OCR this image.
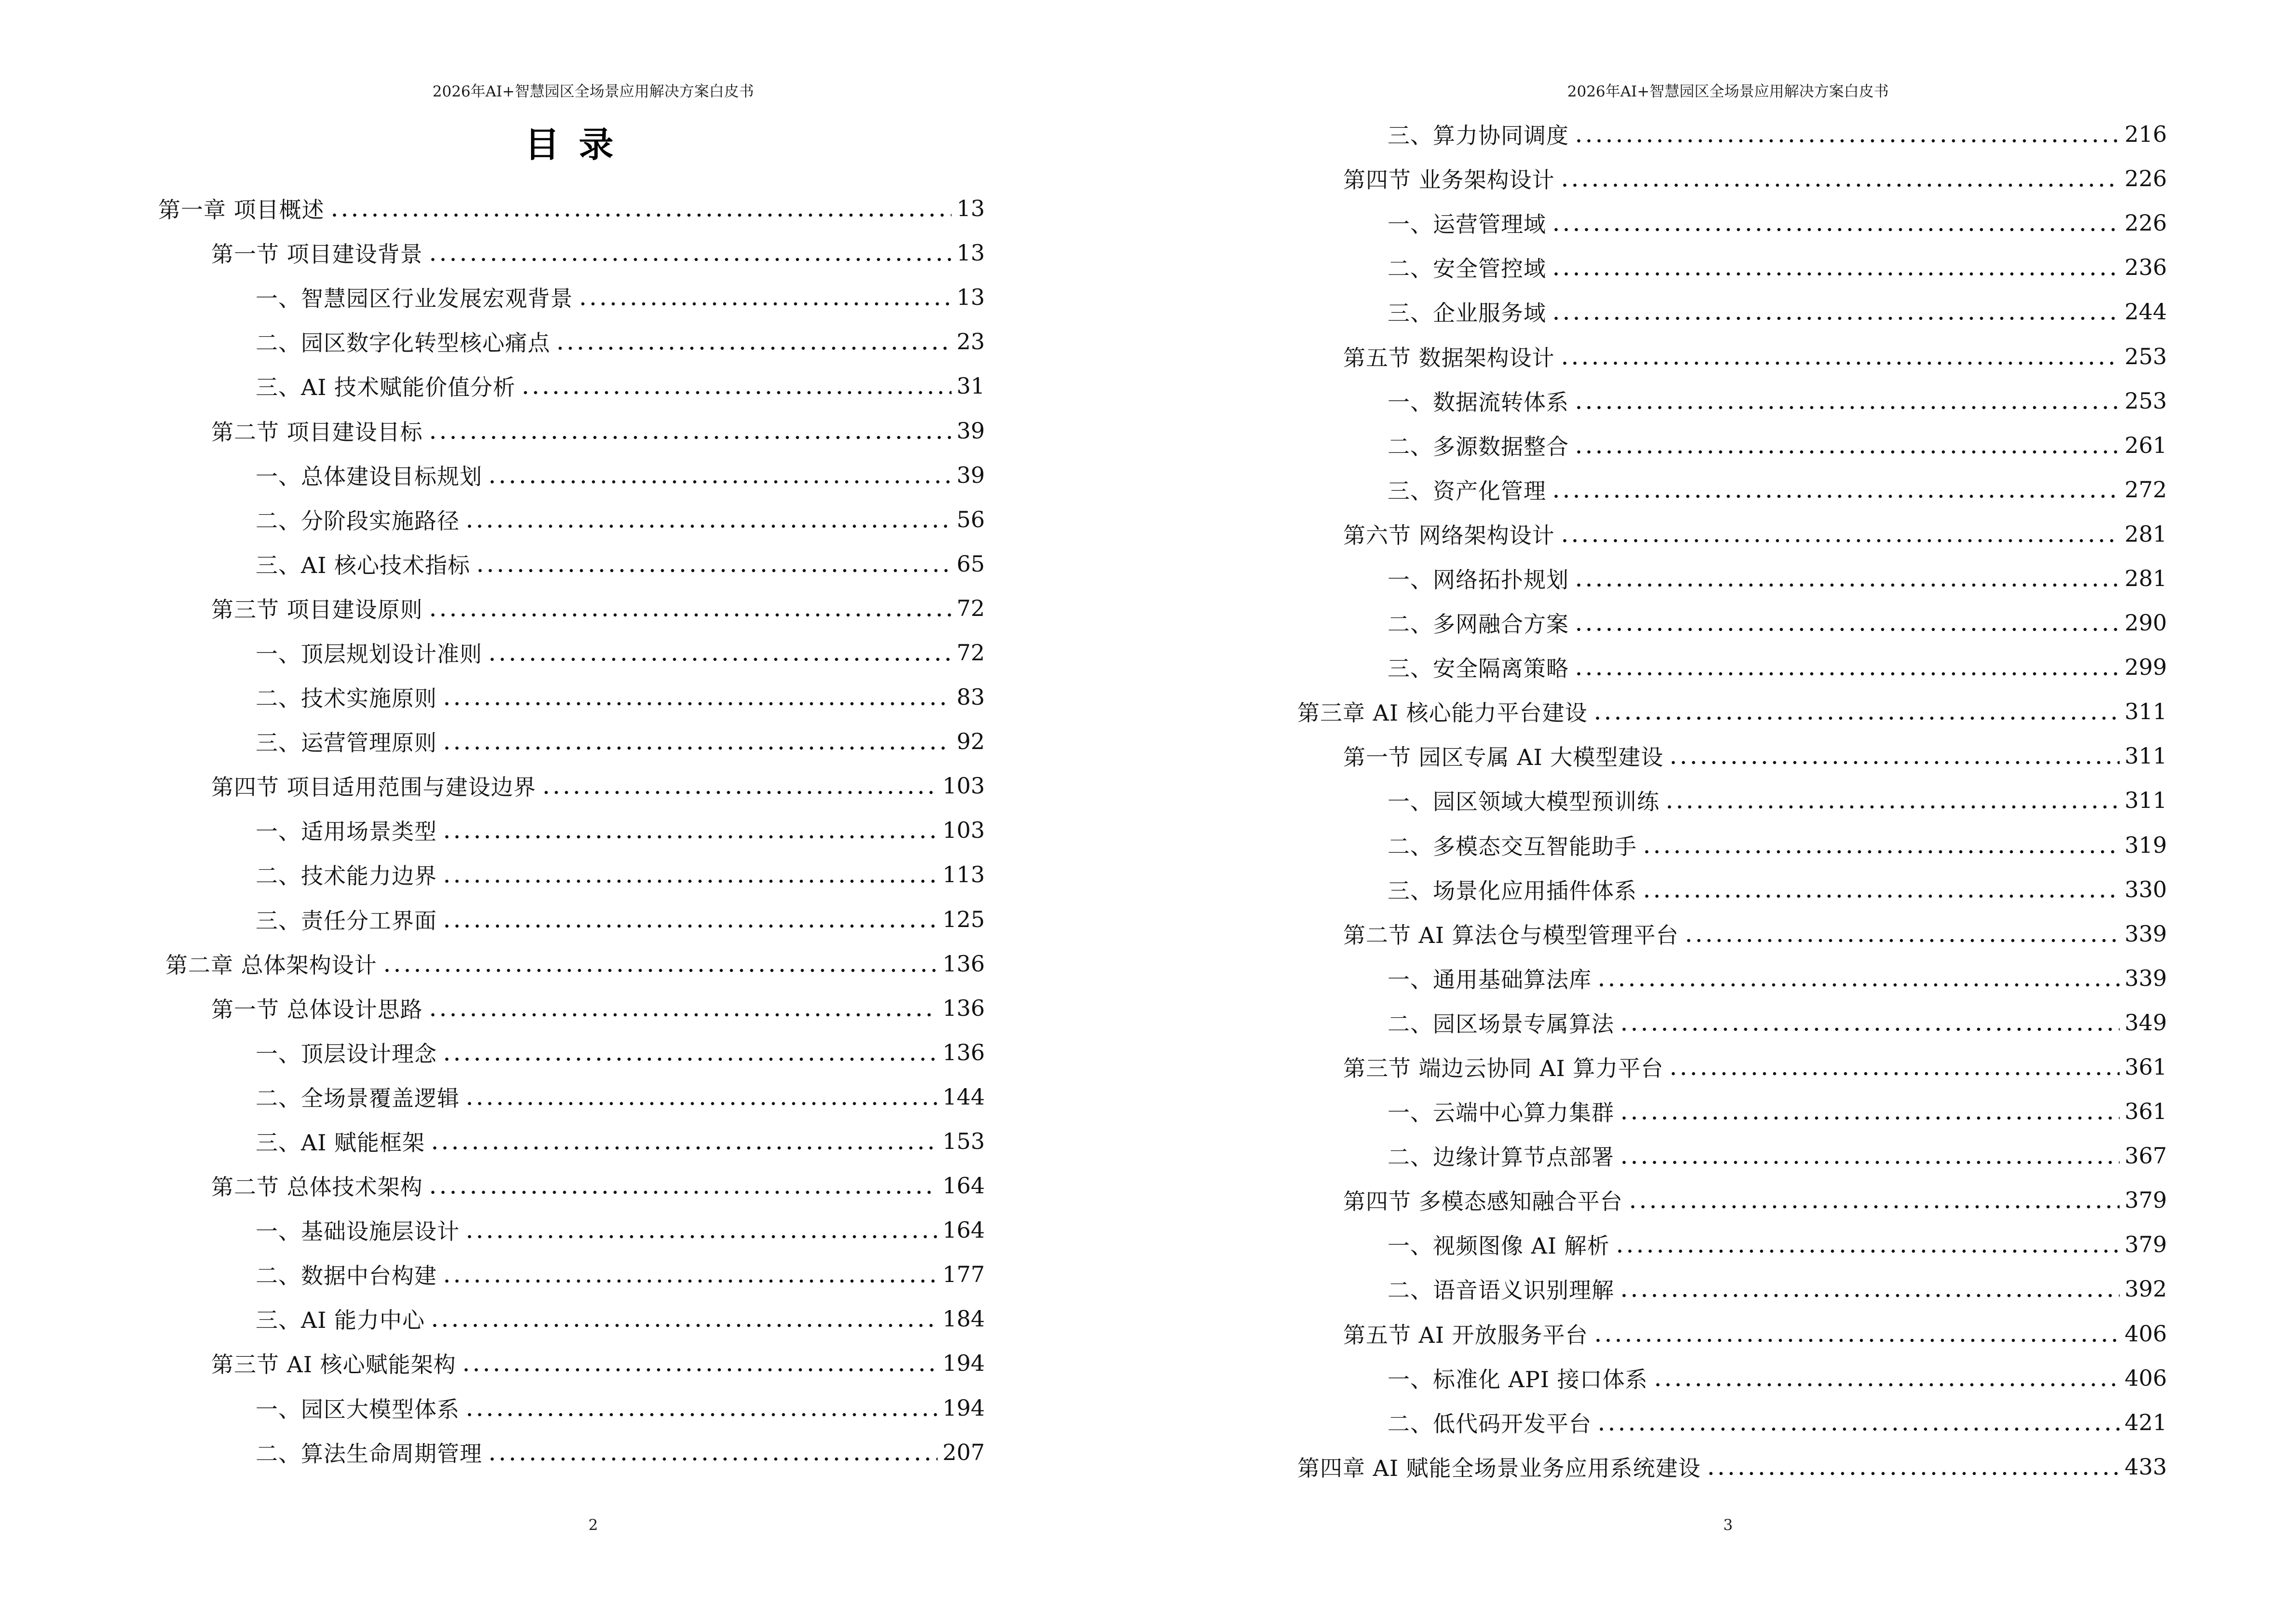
2026年AI+智慧园区全场景应用解决方案白皮书
目录
第一章 项目概述	13
第一节 项目建设背景	13
一、智慧园区行业发展宏观背景	13
二、园区数字化转型核心痛点	23
三、AI 技术赋能价值分析	31
第二节 项目建设目标	39
一、总体建设目标规划	39
二、分阶段实施路径	56
三、AI 核心技术指标	65
第三节 项目建设原则	72
一、顶层规划设计准则	72
二、技术实施原则	83
三、运营管理原则	92
第四节 项目适用范围与建设边界	103
一、适用场景类型	103
二、技术能力边界	113
三、责任分工界面	125
第二章 总体架构设计	136
第一节 总体设计思路	136
一、顶层设计理念	136
二、全场景覆盖逻辑	144
三、AI 赋能框架	153
第二节 总体技术架构	164
一、基础设施层设计	164
二、数据中台构建	177
三、AI 能力中心	184
第三节 AI 核心赋能架构	194
一、园区大模型体系	194
二、算法生命周期管理	207
2
2026年AI+智慧园区全场景应用解决方案白皮书
三、算力协同调度	216
第四节 业务架构设计	226
一、运营管理域	226
二、安全管控域	236
三、企业服务域	244
第五节 数据架构设计	253
一、数据流转体系	253
二、多源数据整合	261
三、资产化管理	272
第六节 网络架构设计	281
一、网络拓扑规划	281
二、多网融合方案	290
三、安全隔离策略	299
第三章 AI 核心能力平台建设	311
第一节 园区专属 AI 大模型建设	311
一、园区领域大模型预训练	311
二、多模态交互智能助手	319
三、场景化应用插件体系	330
第二节 AI 算法仓与模型管理平台	339
一、通用基础算法库	339
二、园区场景专属算法	349
第三节 端边云协同 AI 算力平台	361
一、云端中心算力集群	361
二、边缘计算节点部署	367
第四节 多模态感知融合平台	379
一、视频图像 AI 解析	379
二、语音语义识别理解	392
第五节 AI 开放服务平台	406
一、标准化 API 接口体系	406
二、低代码开发平台	421
第四章 AI 赋能全场景业务应用系统建设	433
3
